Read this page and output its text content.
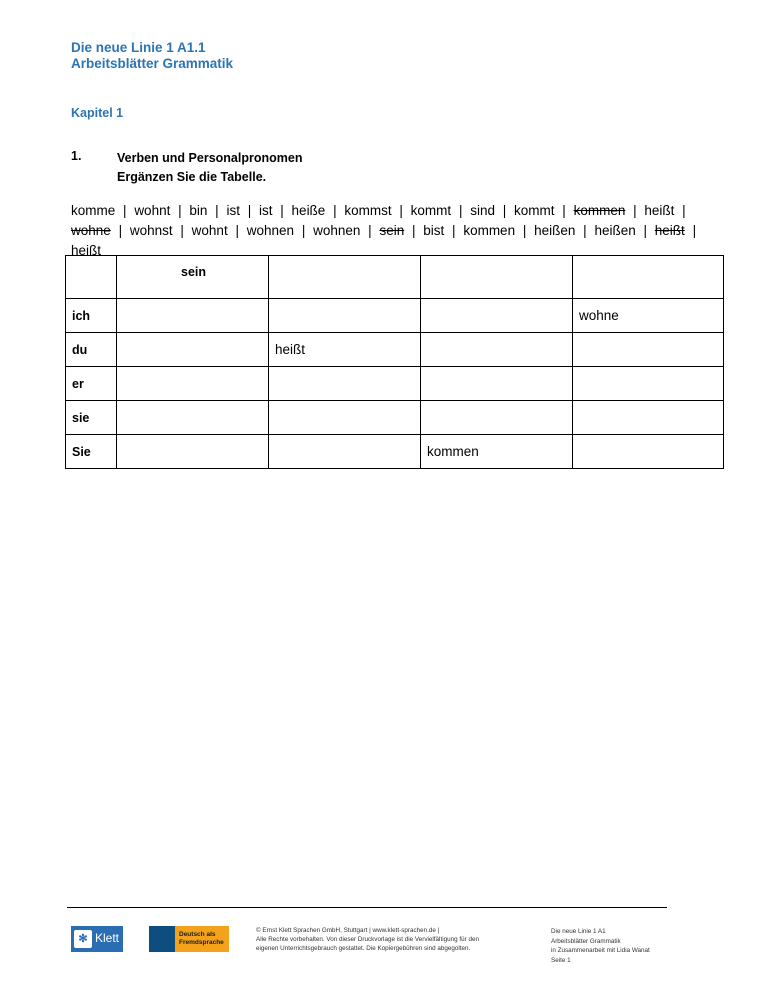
Die neue Linie 1 A1.1
Arbeitsblätter Grammatik
Kapitel 1
1.	Verben und Personalpronomen
Ergänzen Sie die Tabelle.
komme | wohnt | bin | ist | ist | heiße | kommst | kommt | sind | kommt | kommen | heißt | wohne | wohnst | wohnt | wohnen | wohnen | sein | bist | kommen | heißen | heißen | heißt | heißt
	sein			
ich				wohne
du		heißt		
er				
sie				
Sie			kommen	
✻ Klett	Deutsch als
Fremdsprache
© Ernst Klett Sprachen GmbH, Stuttgart | www.klett-sprachen.de |
Alle Rechte vorbehalten. Von dieser Druckvorlage ist die Vervielfältigung für den
eigenen Unterrichtsgebrauch gestattet. Die Kopiergebühren sind abgegolten.
Die neue Linie 1 A1
Arbeitsblätter Grammatik
in Zusammenarbeit mit Lidia Wanat
Seite 1
